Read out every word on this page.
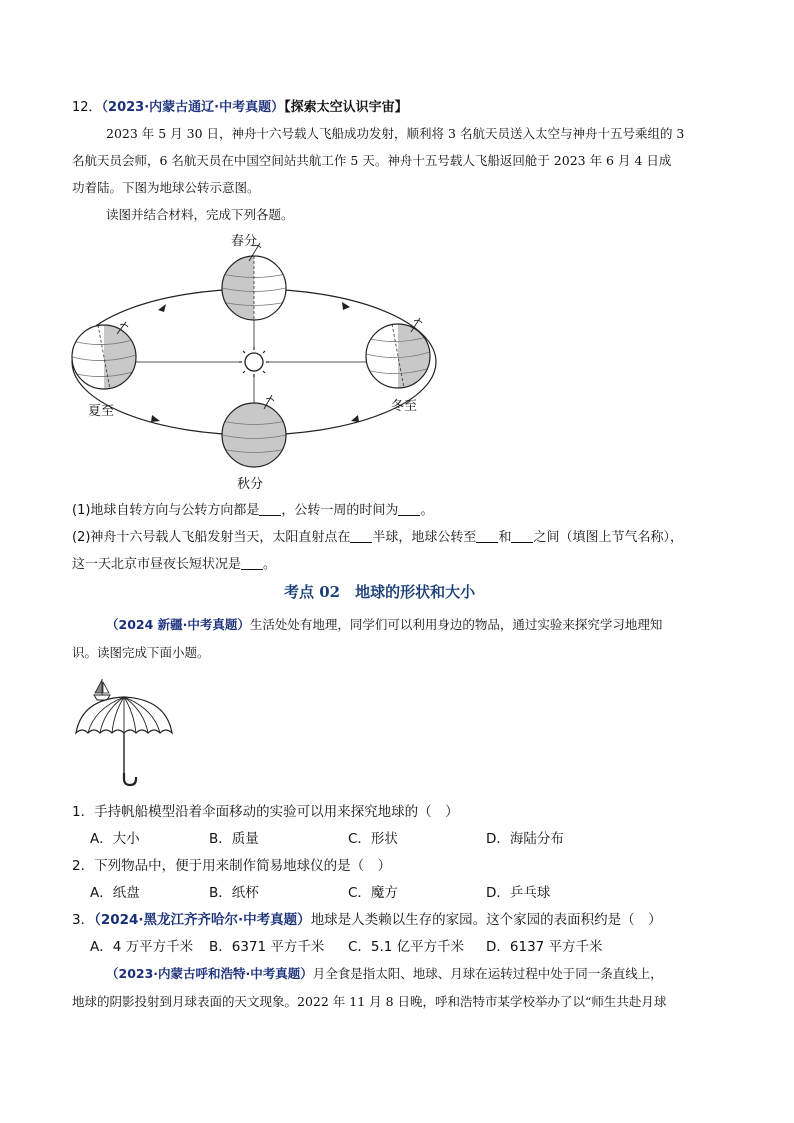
12．（2023·内蒙古通辽·中考真题）【探索太空认识宇宙】
2023 年 5 月 30 日，神舟十六号载人飞船成功发射，顺利将 3 名航天员送入太空与神舟十五号乘组的 3
名航天员会师，6 名航天员在中国空间站共航工作 5 天。神舟十五号载人飞船返回舱于 2023 年 6 月 4 日成
功着陆。下图为地球公转示意图。
读图并结合材料，完成下列各题。
春分
夏至	冬至
秋分
(1)地球自转方向与公转方向都是 ，公转一周的时间为 。
(2)神舟十六号载人飞船发射当天，太阳直射点在 半球，地球公转至 和 之间（填图上节气名称），
这一天北京市昼夜长短状况是 。
考点 02　地球的形状和大小
（2024 新疆·中考真题）生活处处有地理，同学们可以利用身边的物品，通过实验来探究学习地理知
识。读图完成下面小题。
1．手持帆船模型沿着伞面移动的实验可以用来探究地球的（　）
A．大小	B．质量	C．形状	D．海陆分布
2．下列物品中，便于用来制作简易地球仪的是（　）
A．纸盘	B．纸杯	C．魔方	D．乒乓球
3．（2024·黑龙江齐齐哈尔·中考真题）地球是人类赖以生存的家园。这个家园的表面积约是（　）
A．4 万平方千米 B．6371 平方千米 C．5.1 亿平方千米 D．6137 平方千米
（2023·内蒙古呼和浩特·中考真题）月全食是指太阳、地球、月球在运转过程中处于同一条直线上，
地球的阴影投射到月球表面的天文现象。2022 年 11 月 8 日晚，呼和浩特市某学校举办了以“师生共赴月球
